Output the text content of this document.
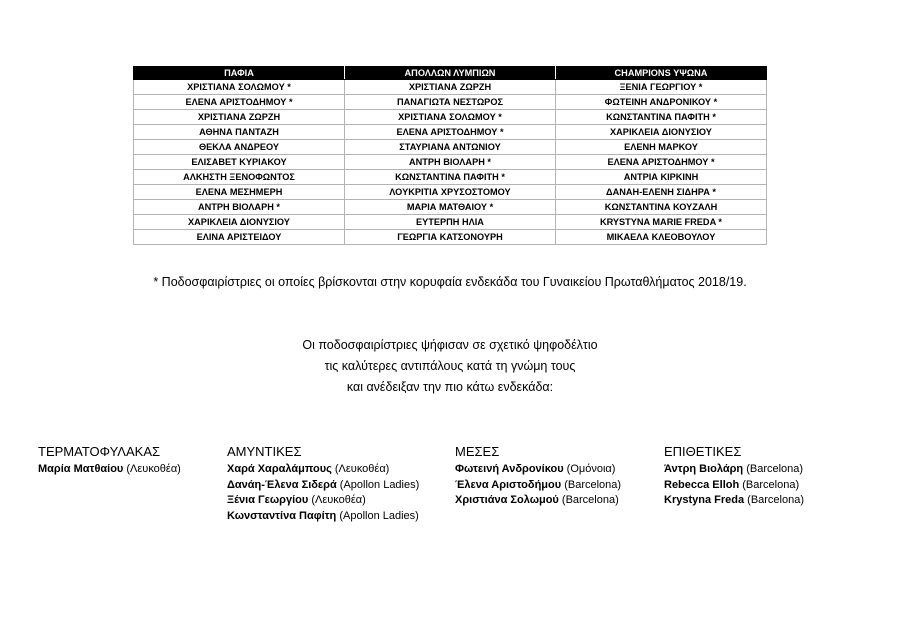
ΠΑΦΙΑ	ΑΠΟΛΛΩΝ ΛΥΜΠΙΩΝ	CHAMPIONS ΥΨΩΝΑ
ΧΡΙΣΤΙΑΝΑ ΣΟΛΩΜΟΥ *	ΧΡΙΣΤΙΑΝΑ ΖΩΡΖΗ	ΞΕΝΙΑ ΓΕΩΡΓΙΟΥ *
ΕΛΕΝΑ ΑΡΙΣΤΟΔΗΜΟΥ *	ΠΑΝΑΓΙΩΤΑ ΝΕΣΤΩΡΟΣ	ΦΩΤΕΙΝΗ ΑΝΔΡΟΝΙΚΟΥ *
ΧΡΙΣΤΙΑΝΑ ΖΩΡΖΗ	ΧΡΙΣΤΙΑΝΑ ΣΟΛΩΜΟΥ *	ΚΩΝΣΤΑΝΤΙΝΑ ΠΑΦΙΤΗ *
ΑΘΗΝΑ ΠΑΝΤΑΖΗ	ΕΛΕΝΑ ΑΡΙΣΤΟΔΗΜΟΥ *	ΧΑΡΙΚΛΕΙΑ ΔΙΟΝΥΣΙΟΥ
ΘΕΚΛΑ ΑΝΔΡΕΟΥ	ΣΤΑΥΡΙΑΝΑ ΑΝΤΩΝΙΟΥ	ΕΛΕΝΗ ΜΑΡΚΟΥ
ΕΛΙΣΑΒΕΤ ΚΥΡΙΑΚΟΥ	ΑΝΤΡΗ ΒΙΟΛΑΡΗ *	ΕΛΕΝΑ ΑΡΙΣΤΟΔΗΜΟΥ *
ΑΛΚΗΣΤΗ ΞΕΝΟΦΩΝΤΟΣ	ΚΩΝΣΤΑΝΤΙΝΑ ΠΑΦΙΤΗ *	ΑΝΤΡΙΑ ΚΙΡΚΙΝΗ
ΕΛΕΝΑ ΜΕΣΗΜΕΡΗ	ΛΟΥΚΡΙΤΙΑ ΧΡΥΣΟΣΤΟΜΟΥ	ΔΑΝΑΗ-ΕΛΕΝΗ ΣΙΔΗΡΑ *
ΑΝΤΡΗ ΒΙΟΛΑΡΗ *	ΜΑΡΙΑ ΜΑΤΘΑΙΟΥ *	ΚΩΝΣΤΑΝΤΙΝΑ ΚΟΥΖΑΛΗ
ΧΑΡΙΚΛΕΙΑ ΔΙΟΝΥΣΙΟΥ	ΕΥΤΕΡΠΗ ΗΛΙΑ	KRYSTYNA MARIE FREDA *
ΕΛΙΝΑ ΑΡΙΣΤΕΙΔΟΥ	ΓΕΩΡΓΙΑ ΚΑΤΣΟΝΟΥΡΗ	ΜΙΚΑΕΛΑ ΚΛΕΟΒΟΥΛΟΥ
* Ποδοσφαιρίστριες οι οποίες βρίσκονται στην κορυφαία ενδεκάδα του Γυναικείου Πρωταθλήματος 2018/19.
Οι ποδοσφαιρίστριες ψήφισαν σε σχετικό ψηφοδέλτιο
τις καλύτερες αντιπάλους κατά τη γνώμη τους
και ανέδειξαν την πιο κάτω ενδεκάδα:
ΤΕΡΜΑΤΟΦΥΛΑΚΑΣ
Μαρία Ματθαίου (Λευκοθέα)
ΑΜΥΝΤΙΚΕΣ
Χαρά Χαραλάμπους (Λευκοθέα)
Δανάη-Έλενα Σιδερά (Apollon Ladies)
Ξένια Γεωργίου (Λευκοθέα)
Κωνσταντίνα Παφίτη (Apollon Ladies)
ΜΕΣΕΣ
Φωτεινή Ανδρονίκου (Ομόνοια)
Έλενα Αριστοδήμου (Barcelona)
Χριστιάνα Σολωμού (Barcelona)
ΕΠΙΘΕΤΙΚΕΣ
Άντρη Βιολάρη (Barcelona)
Rebecca Elloh (Barcelona)
Krystyna Freda (Barcelona)
